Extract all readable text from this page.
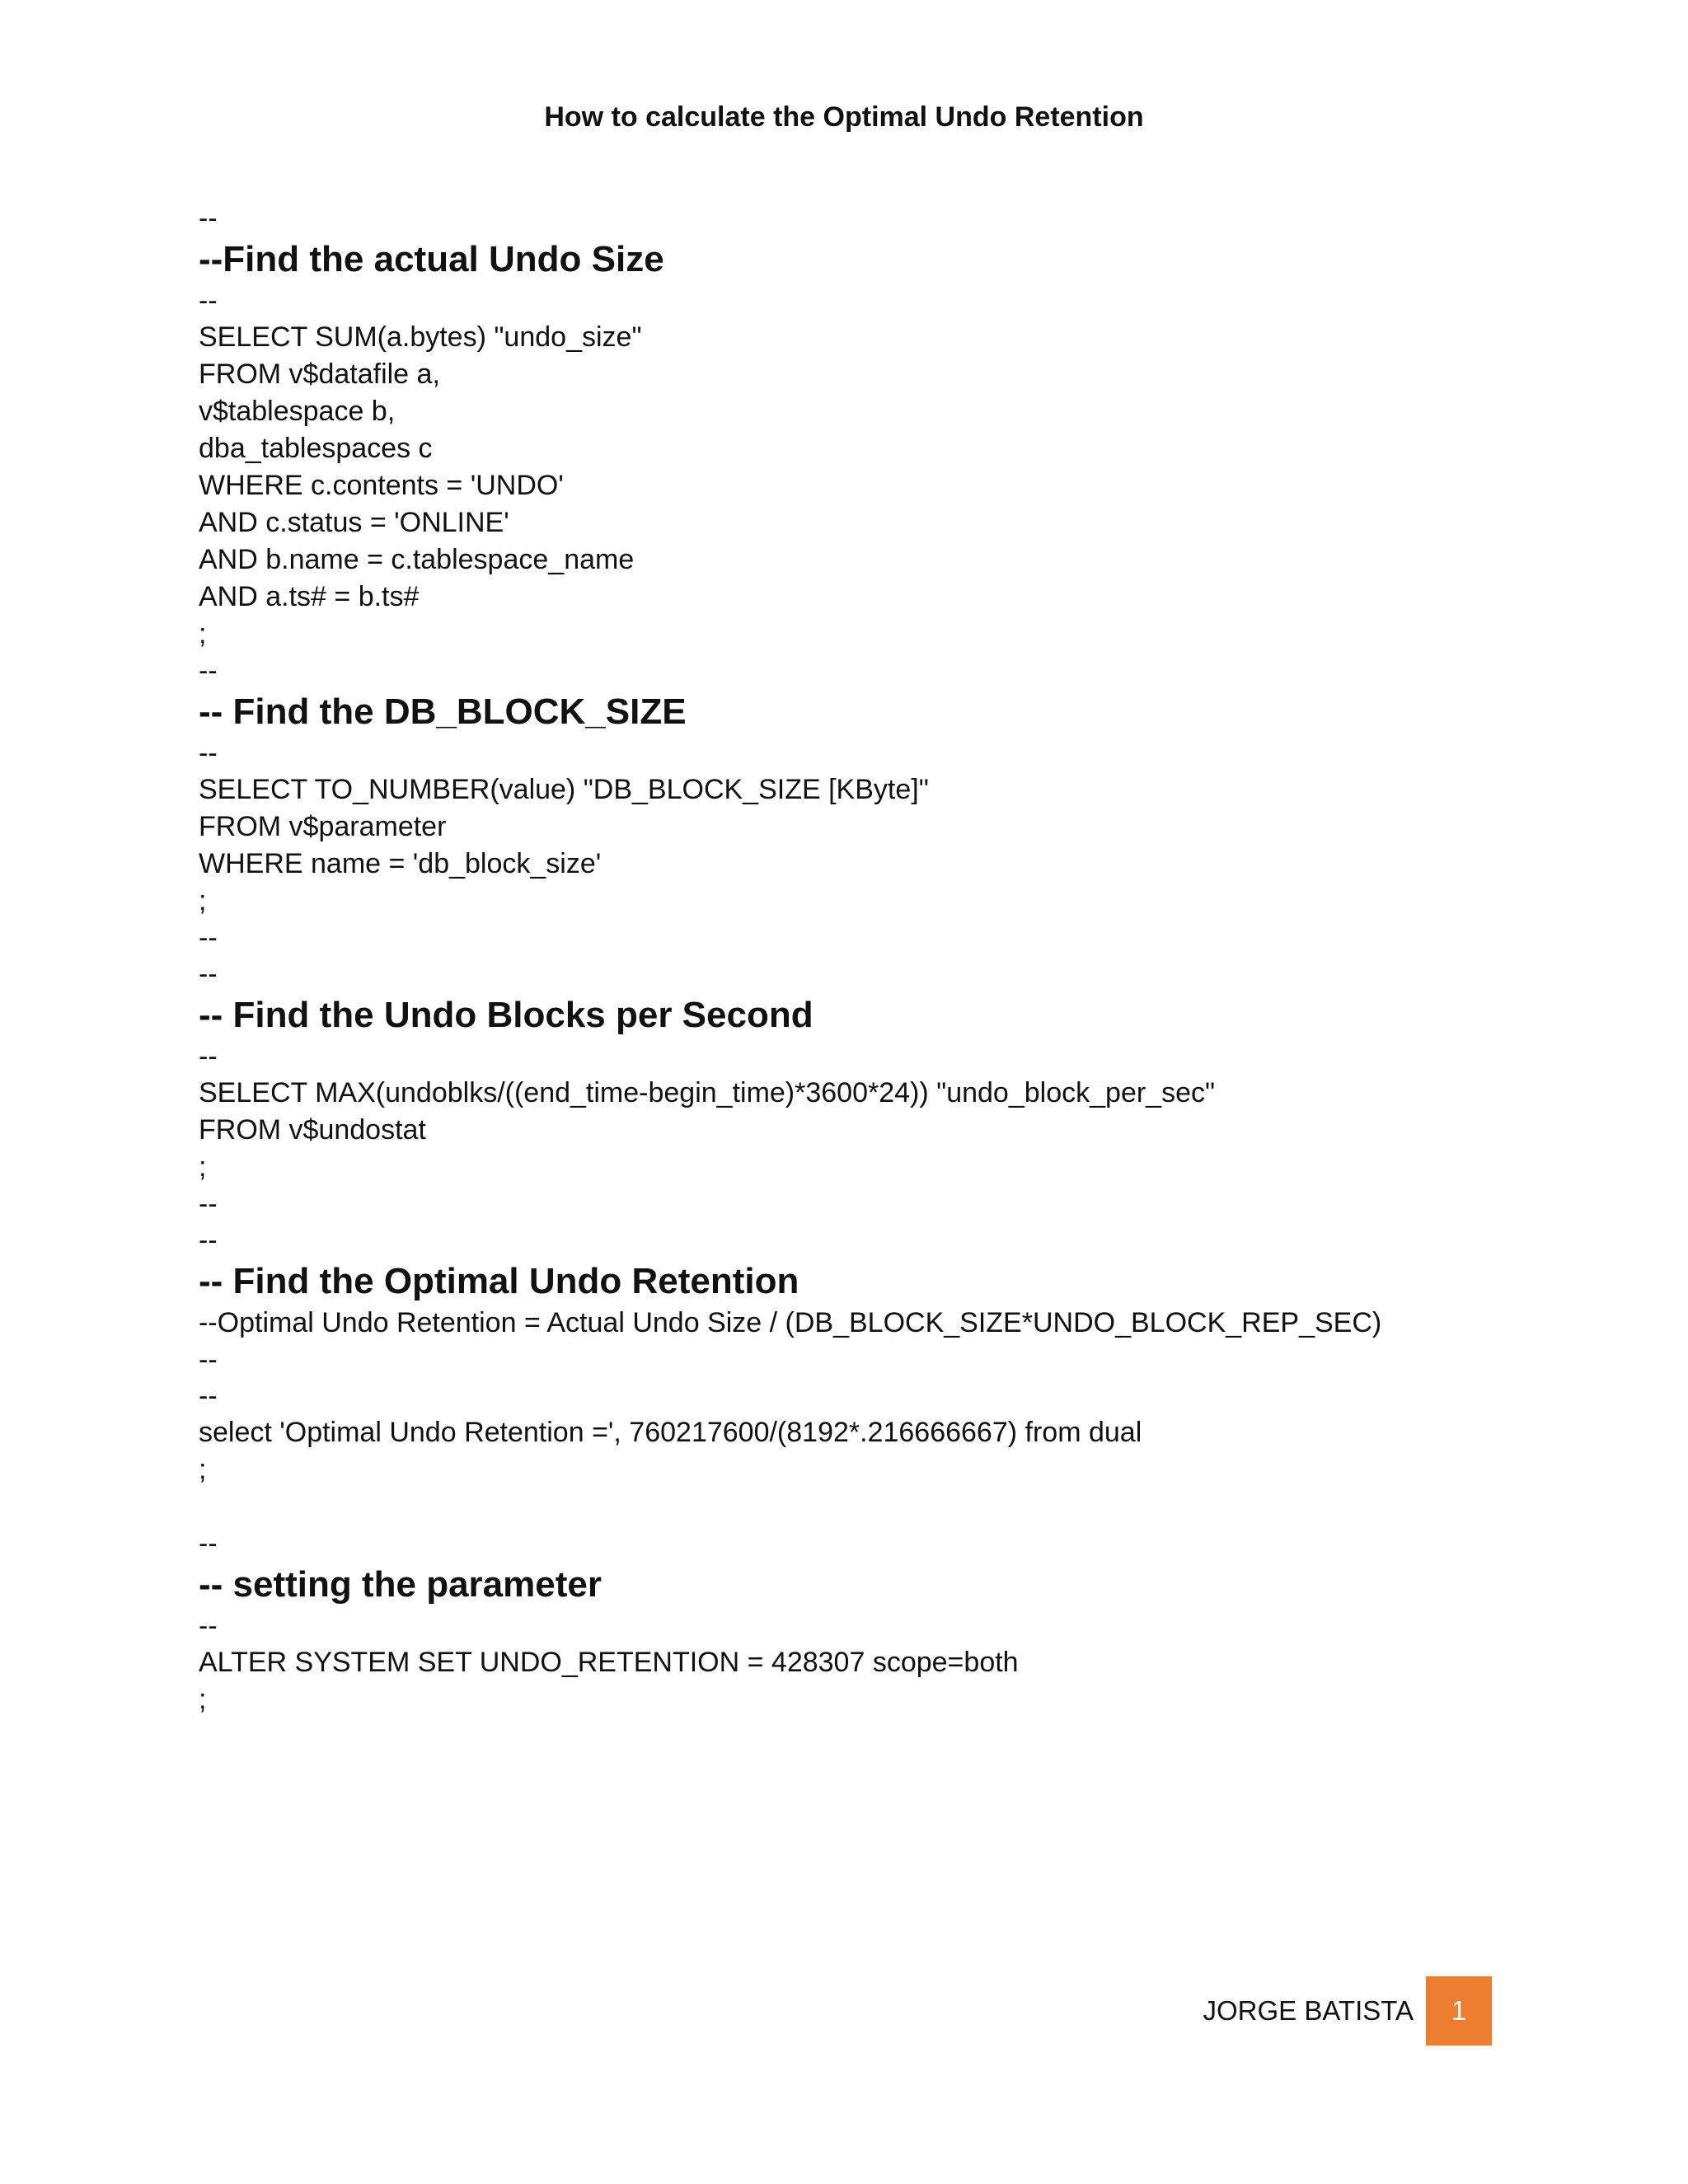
How to calculate the Optimal Undo Retention
--
--Find the actual Undo Size
--
SELECT SUM(a.bytes) "undo_size"
FROM v$datafile a,
v$tablespace b,
dba_tablespaces c
WHERE c.contents = 'UNDO'
AND c.status = 'ONLINE'
AND b.name = c.tablespace_name
AND a.ts# = b.ts#
;
--
-- Find the DB_BLOCK_SIZE
--
SELECT TO_NUMBER(value) "DB_BLOCK_SIZE [KByte]"
FROM v$parameter
WHERE name = 'db_block_size'
;
--
--
-- Find the Undo Blocks per Second
--
SELECT MAX(undoblks/((end_time-begin_time)*3600*24)) "undo_block_per_sec"
FROM v$undostat
;
--
--
-- Find the Optimal Undo Retention
--Optimal Undo Retention = Actual Undo Size / (DB_BLOCK_SIZE*UNDO_BLOCK_REP_SEC)
--
--
select 'Optimal Undo Retention =', 760217600/(8192*.216666667) from dual
;
--
-- setting the parameter
--
ALTER SYSTEM SET UNDO_RETENTION = 428307 scope=both
;
JORGE BATISTA	1
